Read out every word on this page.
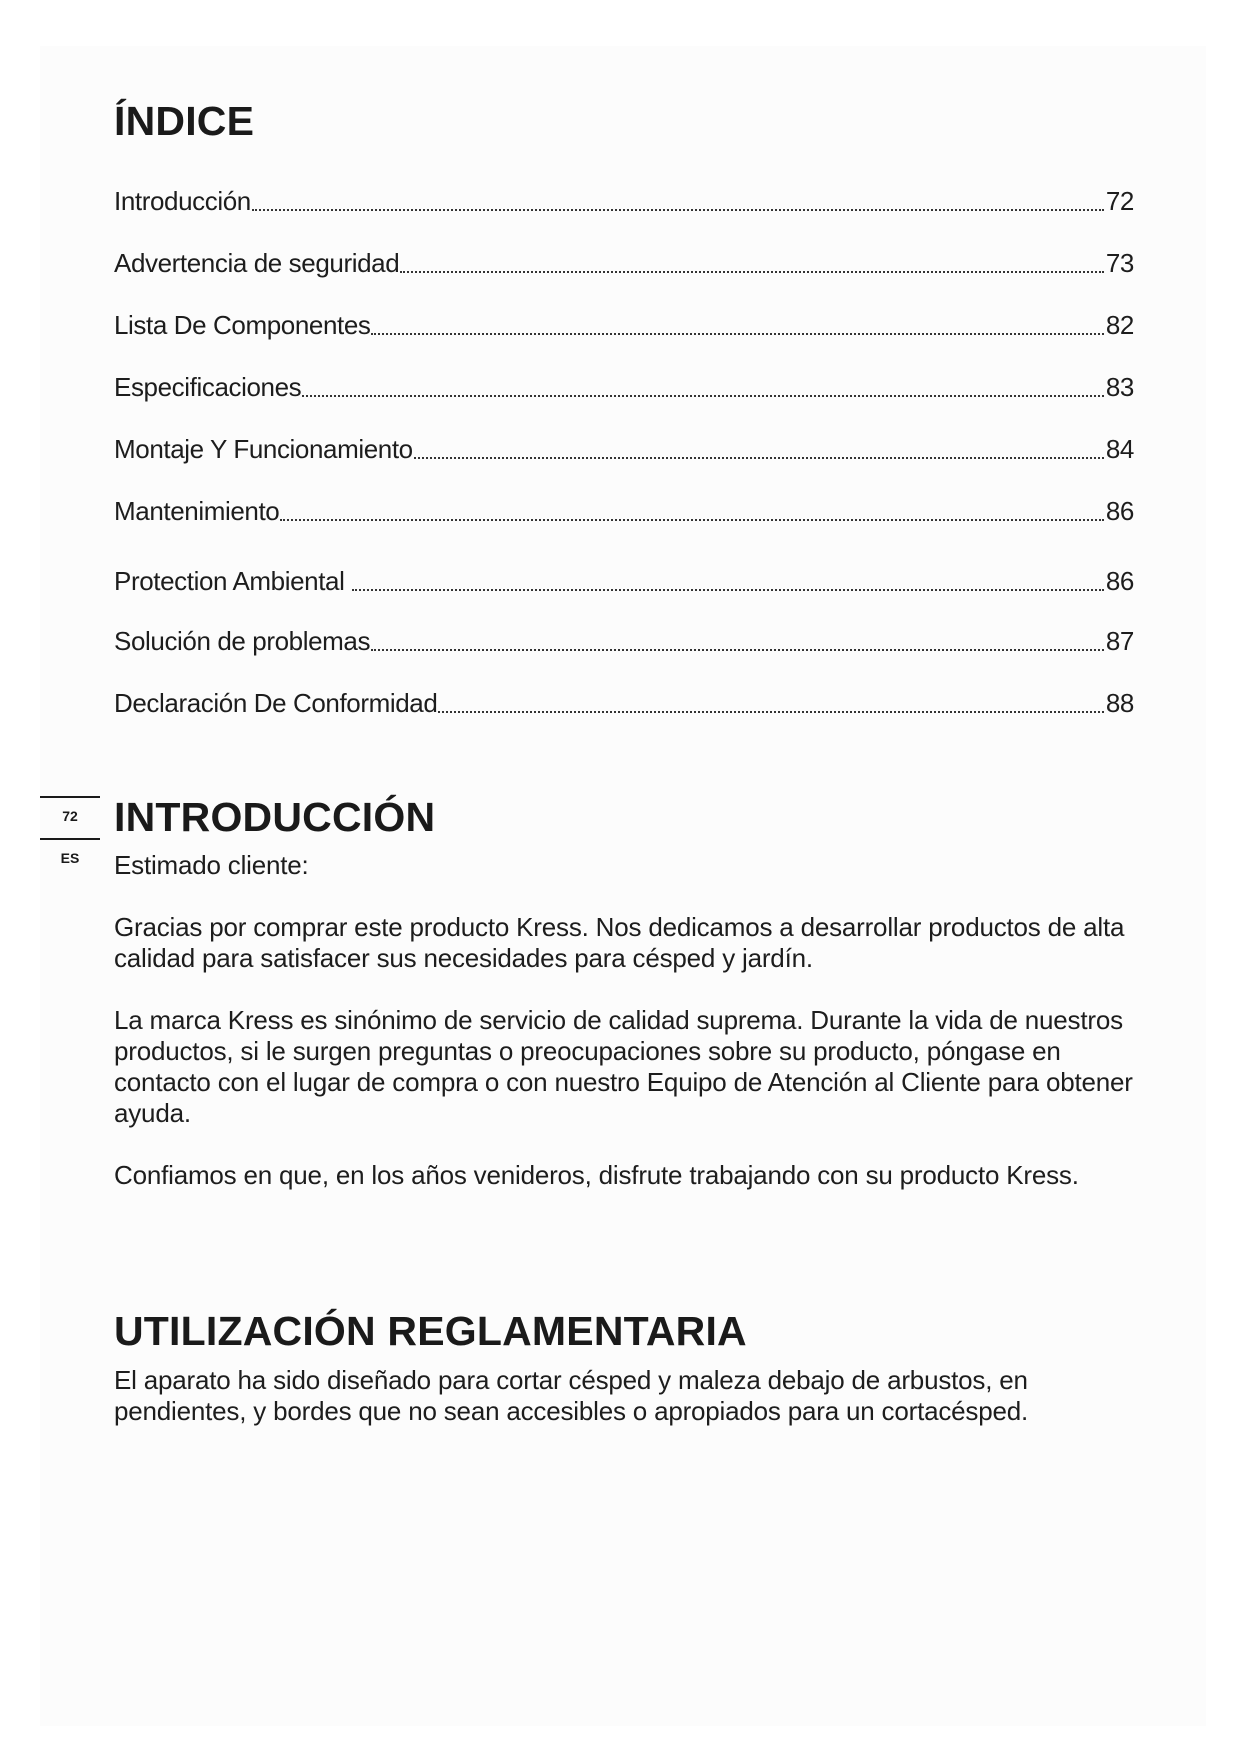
ÍNDICE
Introducción	72
Advertencia de seguridad	73
Lista De Componentes	82
Especificaciones	83
Montaje Y Funcionamiento	84
Mantenimiento	86
Protection Ambiental	86
Solución de problemas	87
Declaración De Conformidad	88
72
ES
INTRODUCCIÓN

Estimado cliente:

Gracias por comprar este producto Kress. Nos dedicamos a desarrollar productos de alta calidad para satisfacer sus necesidades para césped y jardín.

La marca Kress es sinónimo de servicio de calidad suprema. Durante la vida de nuestros productos, si le surgen preguntas o preocupaciones sobre su producto, póngase en contacto con el lugar de compra o con nuestro Equipo de Atención al Cliente para obtener ayuda.

Confiamos en que, en los años venideros, disfrute trabajando con su producto Kress.

UTILIZACIÓN REGLAMENTARIA

El aparato ha sido diseñado para cortar césped y maleza debajo de arbustos, en pendientes, y bordes que no sean accesibles o apropiados para un cortacésped.
